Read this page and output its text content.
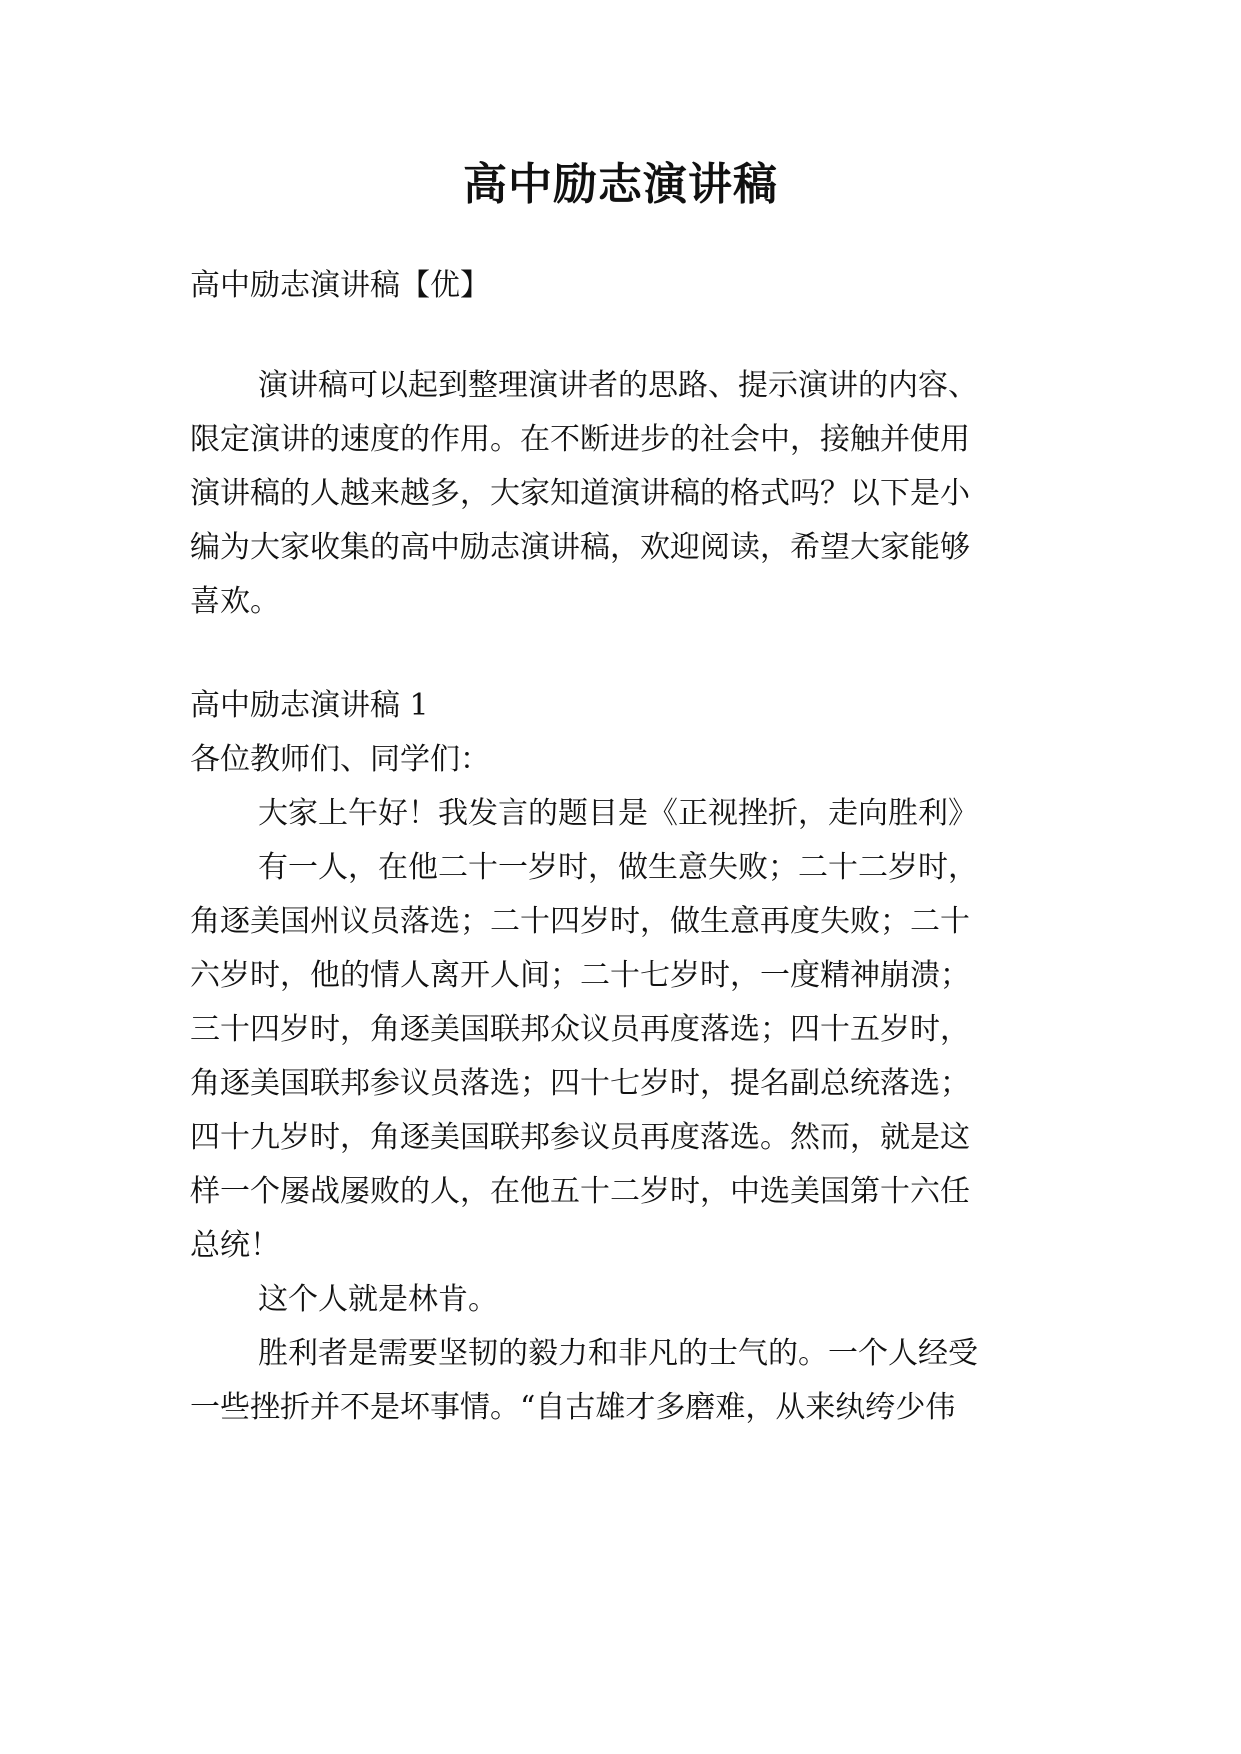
高中励志演讲稿

高中励志演讲稿【优】

演讲稿可以起到整理演讲者的思路、提示演讲的内容、

限定演讲的速度的作用。在不断进步的社会中，接触并使用

演讲稿的人越来越多，大家知道演讲稿的格式吗？以下是小

编为大家收集的高中励志演讲稿，欢迎阅读，希望大家能够

喜欢。

高中励志演讲稿 1

各位教师们、同学们：

大家上午好！我发言的题目是《正视挫折，走向胜利》

有一人，在他二十一岁时，做生意失败；二十二岁时，

角逐美国州议员落选；二十四岁时，做生意再度失败；二十

六岁时，他的情人离开人间；二十七岁时，一度精神崩溃；

三十四岁时，角逐美国联邦众议员再度落选；四十五岁时，

角逐美国联邦参议员落选；四十七岁时，提名副总统落选；

四十九岁时，角逐美国联邦参议员再度落选。然而，就是这

样一个屡战屡败的人，在他五十二岁时，中选美国第十六任

总统！

这个人就是林肯。

胜利者是需要坚韧的毅力和非凡的士气的。一个人经受

一些挫折并不是坏事情。“自古雄才多磨难，从来纨绔少伟
